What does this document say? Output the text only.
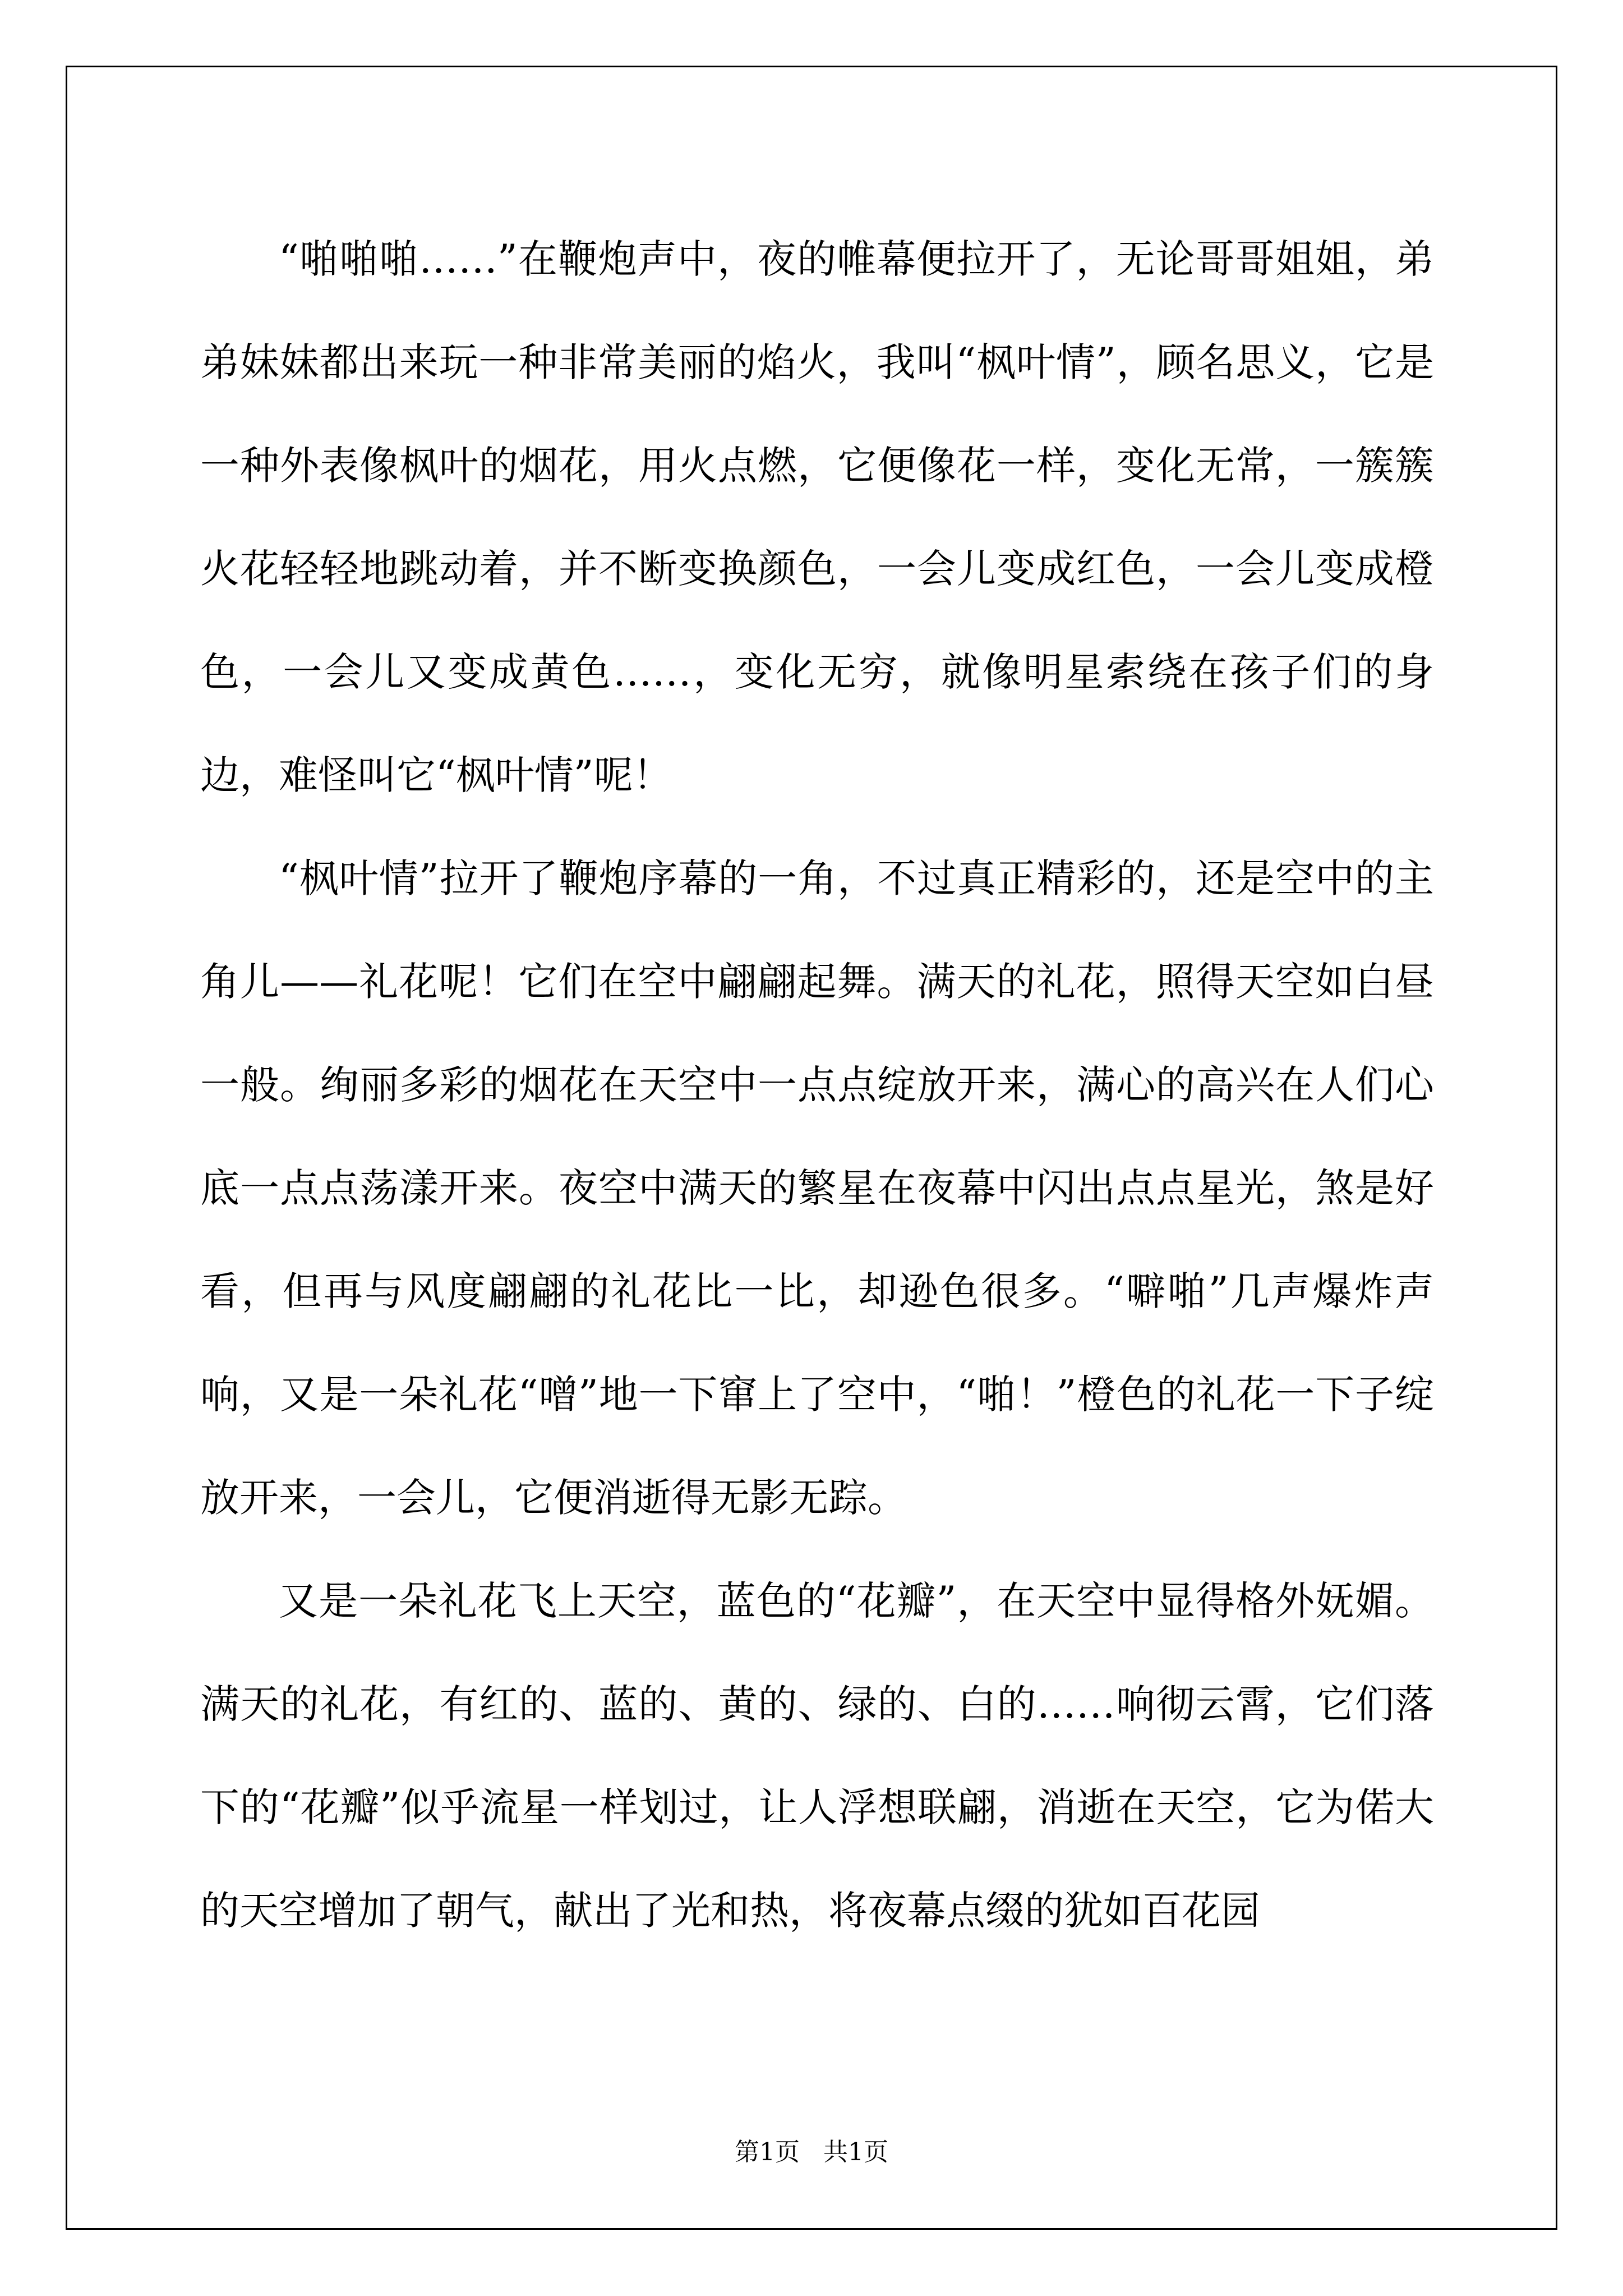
“啪啪啪……”在鞭炮声中，夜的帷幕便拉开了，无论哥哥姐姐，弟弟妹妹都出来玩一种非常美丽的焰火，我叫“枫叶情”，顾名思义，它是一种外表像枫叶的烟花，用火点燃，它便像花一样，变化无常，一簇簇火花轻轻地跳动着，并不断变换颜色，一会儿变成红色，一会儿变成橙色，一会儿又变成黄色……，变化无穷，就像明星索绕在孩子们的身边，难怪叫它“枫叶情”呢！

“枫叶情”拉开了鞭炮序幕的一角，不过真正精彩的，还是空中的主角儿——礼花呢！它们在空中翩翩起舞。满天的礼花，照得天空如白昼一般。绚丽多彩的烟花在天空中一点点绽放开来，满心的高兴在人们心底一点点荡漾开来。夜空中满天的繁星在夜幕中闪出点点星光，煞是好看，但再与风度翩翩的礼花比一比，却逊色很多。“噼啪”几声爆炸声响，又是一朵礼花“噌”地一下窜上了空中，“啪！”橙色的礼花一下子绽放开来，一会儿，它便消逝得无影无踪。

又是一朵礼花飞上天空，蓝色的“花瓣”，在天空中显得格外妩媚。满天的礼花，有红的、蓝的、黄的、绿的、白的……响彻云霄，它们落下的“花瓣”似乎流星一样划过，让人浮想联翩，消逝在天空，它为偌大的天空增加了朝气，献出了光和热，将夜幕点缀的犹如百花园

第1页   共1页
